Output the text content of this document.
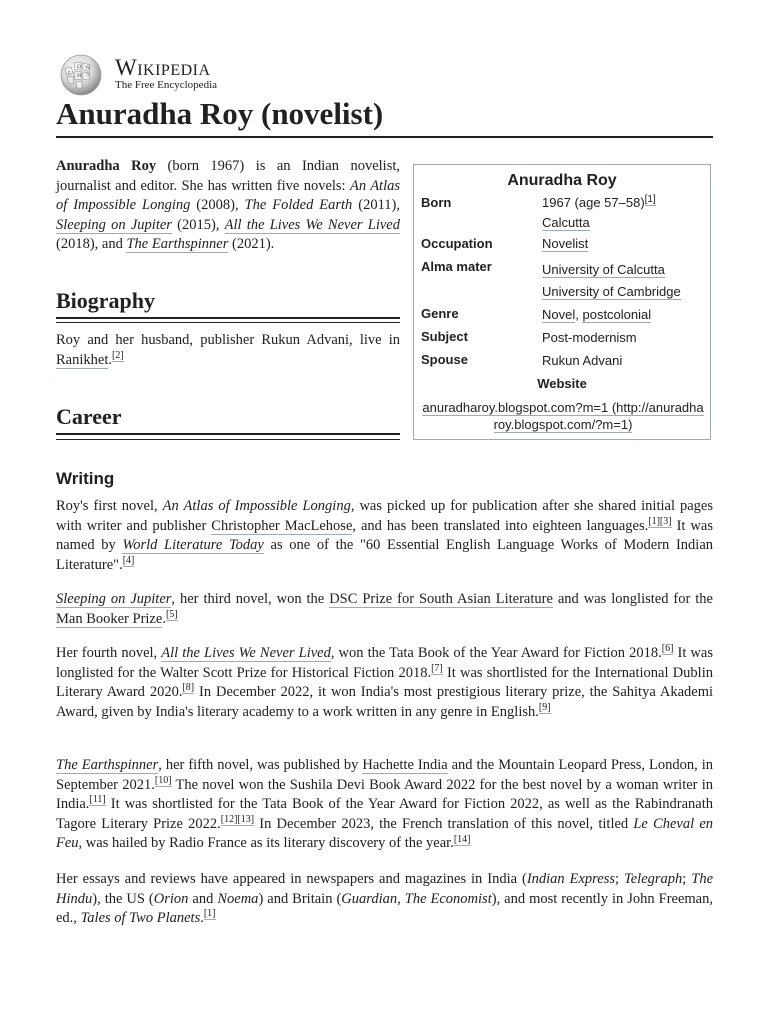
Ω W
И ウ
ع Wikipedia
The Free Encyclopedia
Anuradha Roy (novelist)

Anuradha Roy (born 1967) is an Indian novelist, journalist and editor. She has written five novels: An Atlas of Impossible Longing (2008), The Folded Earth (2011), Sleeping on Jupiter (2015), All the Lives We Never Lived (2018), and The Earthspinner (2021).

Biography

Roy and her husband, publisher Rukun Advani, live in Ranikhet.[2]

Career
Anuradha Roy
Born	1967 (age 57–58)[1]
Calcutta
Occupation	Novelist
Alma mater	University of Calcutta
University of Cambridge
Genre	Novel, postcolonial
Subject	Post-modernism
Spouse	Rukun Advani
Website
anuradharoy.blogspot.com?m=1 (http://anuradharoy.blogspot.com/?m=1)
Writing

Roy's first novel, An Atlas of Impossible Longing, was picked up for publication after she shared initial pages with writer and publisher Christopher MacLehose, and has been translated into eighteen languages.[1][3] It was named by World Literature Today as one of the "60 Essential English Language Works of Modern Indian Literature".[4]

Sleeping on Jupiter, her third novel, won the DSC Prize for South Asian Literature and was longlisted for the Man Booker Prize.[5]

Her fourth novel, All the Lives We Never Lived, won the Tata Book of the Year Award for Fiction 2018.[6] It was longlisted for the Walter Scott Prize for Historical Fiction 2018.[7] It was shortlisted for the International Dublin Literary Award 2020.[8] In December 2022, it won India's most prestigious literary prize, the Sahitya Akademi Award, given by India's literary academy to a work written in any genre in English.[9]

The Earthspinner, her fifth novel, was published by Hachette India and the Mountain Leopard Press, London, in September 2021.[10] The novel won the Sushila Devi Book Award 2022 for the best novel by a woman writer in India.[11] It was shortlisted for the Tata Book of the Year Award for Fiction 2022, as well as the Rabindranath Tagore Literary Prize 2022.[12][13] In December 2023, the French translation of this novel, titled Le Cheval en Feu, was hailed by Radio France as its literary discovery of the year.[14]

Her essays and reviews have appeared in newspapers and magazines in India (Indian Express; Telegraph; The Hindu), the US (Orion and Noema) and Britain (Guardian, The Economist), and most recently in John Freeman, ed., Tales of Two Planets.[1]
